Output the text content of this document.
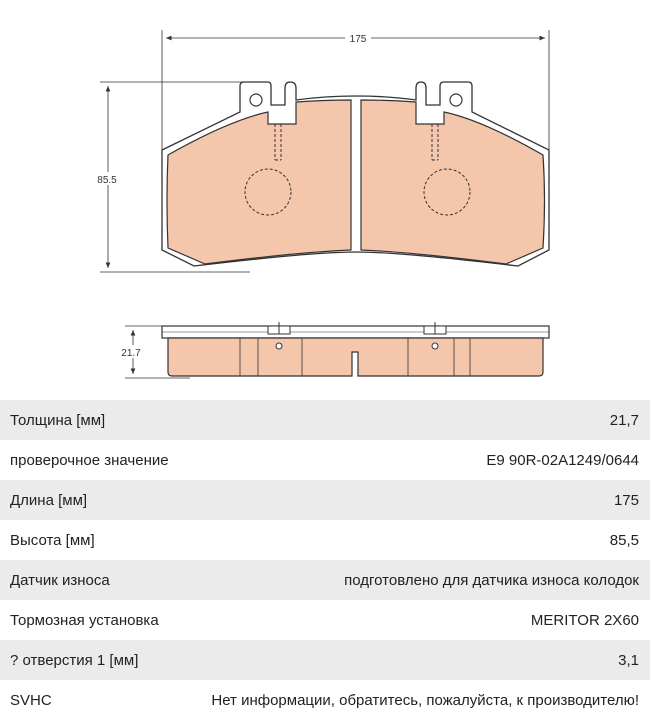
175
85.5
21.7
Толщина [мм]	21,7
проверочное значение	E9 90R-02A1249/0644
Длина [мм]	175
Высота [мм]	85,5
Датчик износа	подготовлено для датчика износа колодок
Тормозная установка	MERITOR 2X60
? отверстия 1 [мм]	3,1
SVHC	Нет информации, обратитесь, пожалуйста, к производителю!
